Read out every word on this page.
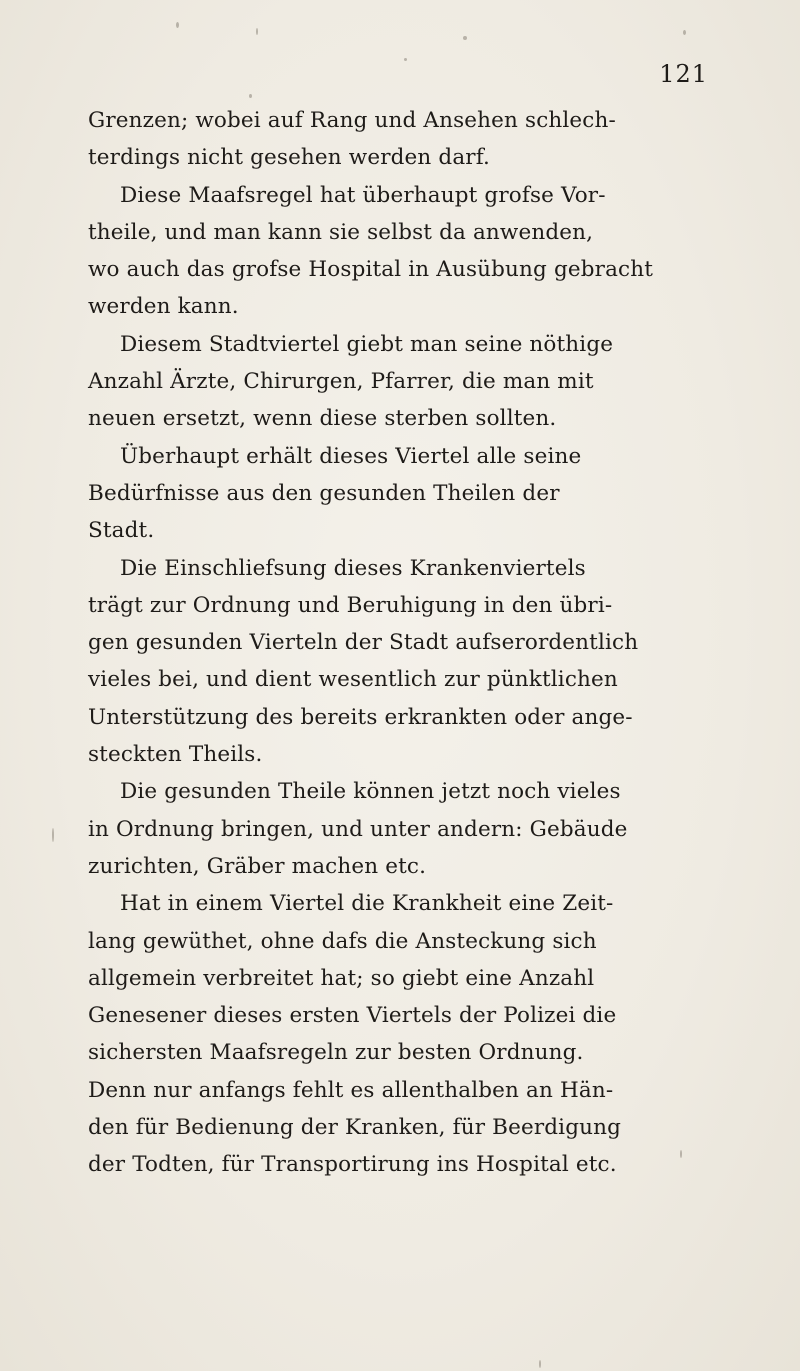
121
Grenzen; wobei auf Rang und Ansehen schlech-
terdings nicht gesehen werden darf.
Diese Maafsregel hat überhaupt grofse Vor-
theile, und man kann sie selbst da anwenden,
wo auch das grofse Hospital in Ausübung gebracht
werden kann.
Diesem Stadtviertel giebt man seine nöthige
Anzahl Ärzte, Chirurgen, Pfarrer, die man mit
neuen ersetzt, wenn diese sterben sollten.
Überhaupt erhält dieses Viertel alle seine
Bedürfnisse aus den gesunden Theilen der
Stadt.
Die Einschliefsung dieses Krankenviertels
trägt zur Ordnung und Beruhigung in den übri-
gen gesunden Vierteln der Stadt aufserordentlich
vieles bei, und dient wesentlich zur pünktlichen
Unterstützung des bereits erkrankten oder ange-
steckten Theils.
Die gesunden Theile können jetzt noch vieles
in Ordnung bringen, und unter andern: Gebäude
zurichten, Gräber machen etc.
Hat in einem Viertel die Krankheit eine Zeit-
lang gewüthet, ohne dafs die Ansteckung sich
allgemein verbreitet hat; so giebt eine Anzahl
Genesener dieses ersten Viertels der Polizei die
sichersten Maafsregeln zur besten Ordnung.
Denn nur anfangs fehlt es allenthalben an Hän-
den für Bedienung der Kranken, für Beerdigung
der Todten, für Transportirung ins Hospital etc.
